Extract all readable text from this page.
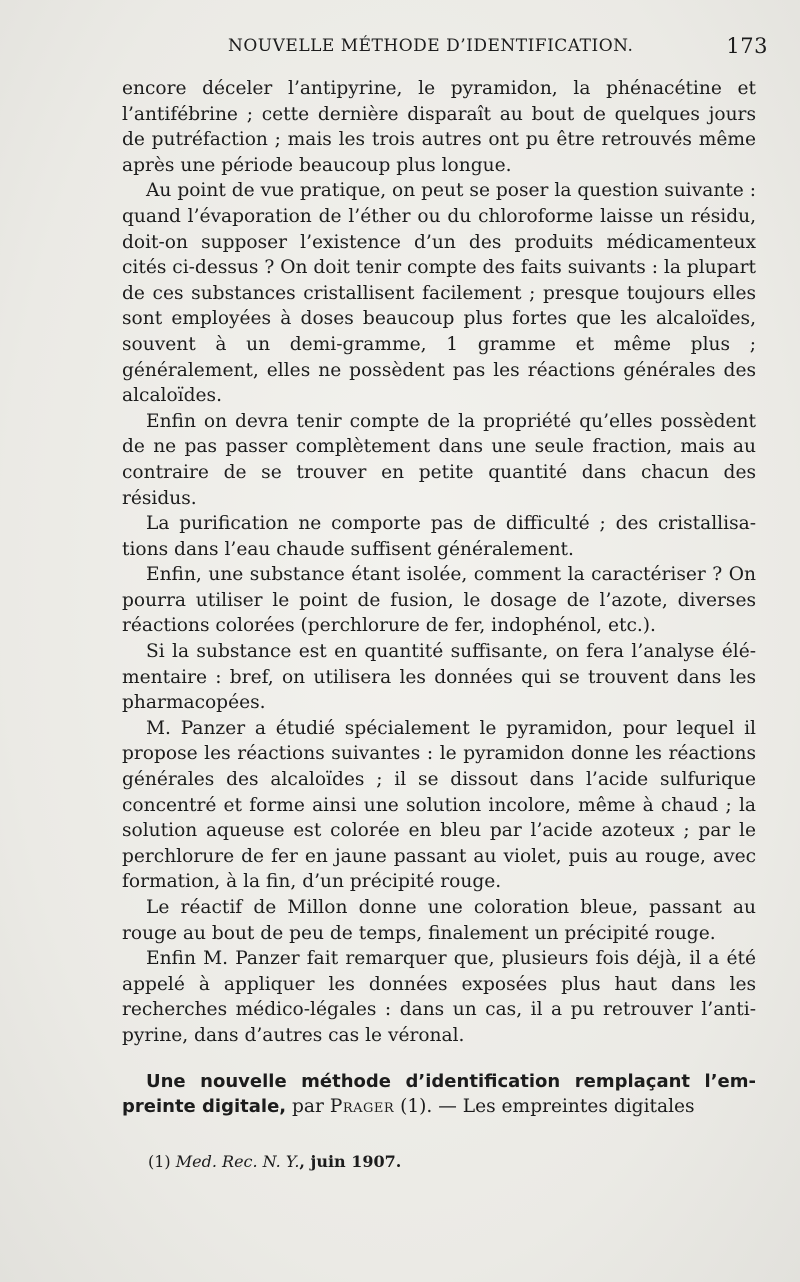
NOUVELLE MÉTHODE D’IDENTIFICATION.	173

encore déceler l’antipyrine, le pyramidon, la phénacétine et l’antifébrine ; cette dernière disparaît au bout de quelques jours de putréfaction ; mais les trois autres ont pu être retrouvés même après une période beaucoup plus longue.

Au point de vue pratique, on peut se poser la question suivante : quand l’évaporation de l’éther ou du chloroforme laisse un résidu, doit-on supposer l’existence d’un des produits médicamenteux cités ci-dessus ? On doit tenir compte des faits suivants : la plupart de ces substances cristallisent facilement ; presque toujours elles sont employées à doses beaucoup plus fortes que les alcaloïdes, souvent à un demi-gramme, 1 gramme et même plus ; généralement, elles ne possèdent pas les réactions générales des alcaloïdes.

Enfin on devra tenir compte de la propriété qu’elles possèdent de ne pas passer complètement dans une seule fraction, mais au contraire de se trouver en petite quantité dans chacun des résidus.

La purification ne comporte pas de difficulté ; des cristallisations dans l’eau chaude suffisent généralement.

Enfin, une substance étant isolée, comment la caractériser ? On pourra utiliser le point de fusion, le dosage de l’azote, diverses réactions colorées (perchlorure de fer, indophénol, etc.).

Si la substance est en quantité suffisante, on fera l’analyse élémentaire : bref, on utilisera les données qui se trouvent dans les pharmacopées.

M. Panzer a étudié spécialement le pyramidon, pour lequel il propose les réactions suivantes : le pyramidon donne les réactions générales des alcaloïdes ; il se dissout dans l’acide sulfurique concentré et forme ainsi une solution incolore, même à chaud ; la solution aqueuse est colorée en bleu par l’acide azoteux ; par le perchlorure de fer en jaune passant au violet, puis au rouge, avec formation, à la fin, d’un précipité rouge.

Le réactif de Millon donne une coloration bleue, passant au rouge au bout de peu de temps, finalement un précipité rouge.

Enfin M. Panzer fait remarquer que, plusieurs fois déjà, il a été appelé à appliquer les données exposées plus haut dans les recherches médico-légales : dans un cas, il a pu retrouver l’antipyrine, dans d’autres cas le véronal.

Une nouvelle méthode d’identification remplaçant l’empreinte digitale, par Prager (1). — Les empreintes digitales

(1) Med. Rec. N. Y., juin 1907.
